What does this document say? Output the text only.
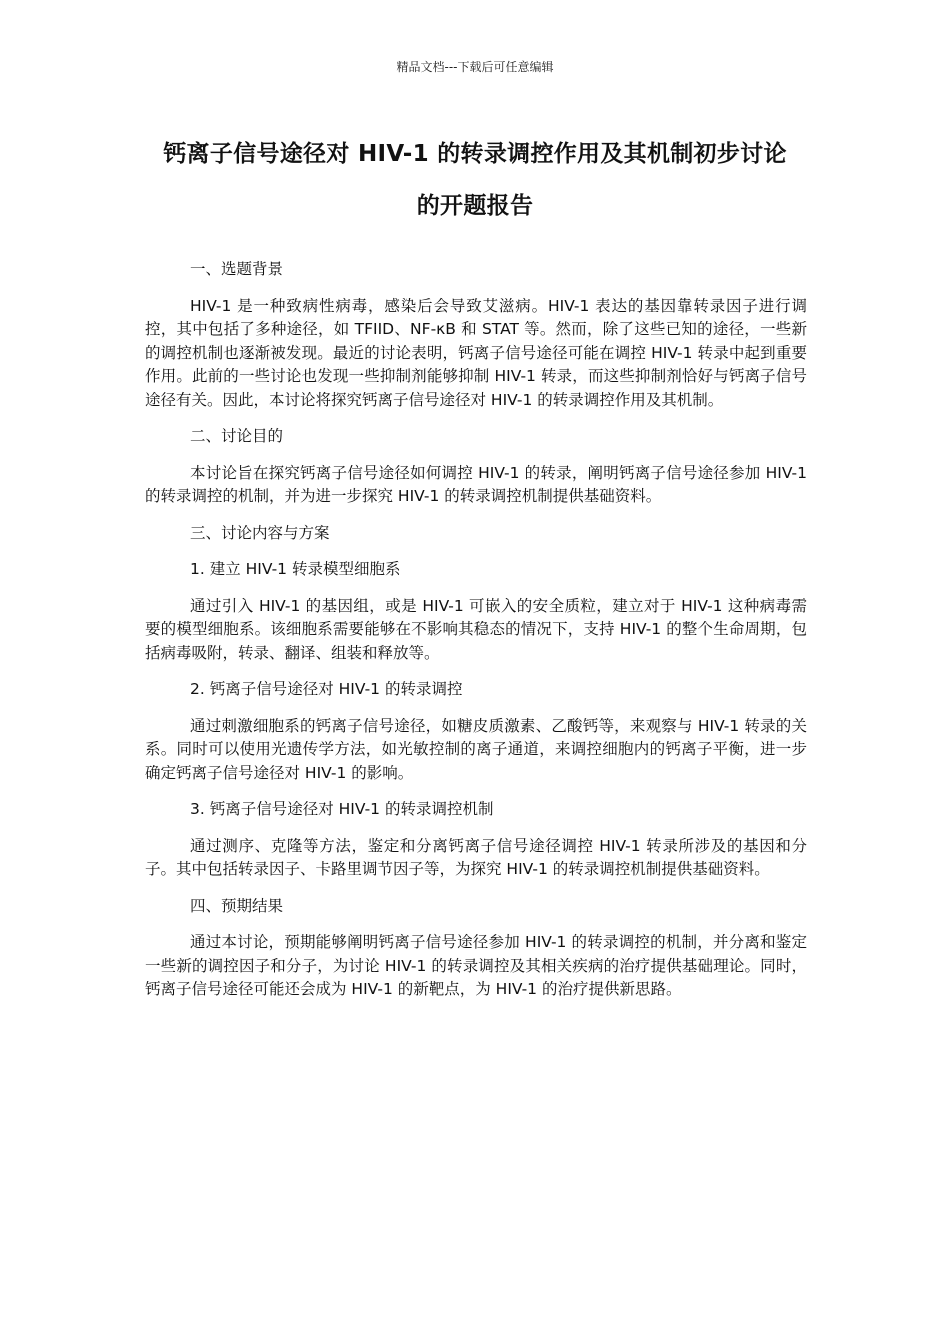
精品文档---下载后可任意编辑
钙离子信号途径对 HIV-1 的转录调控作用及其机制初步讨论
的开题报告

一、选题背景

HIV-1 是一种致病性病毒，感染后会导致艾滋病。HIV-1 表达的基因靠转录因子进行调控，其中包括了多种途径，如 TFIID、NF-κB 和 STAT 等。然而，除了这些已知的途径，一些新的调控机制也逐渐被发现。最近的讨论表明，钙离子信号途径可能在调控 HIV-1 转录中起到重要作用。此前的一些讨论也发现一些抑制剂能够抑制 HIV-1 转录，而这些抑制剂恰好与钙离子信号途径有关。因此，本讨论将探究钙离子信号途径对 HIV-1 的转录调控作用及其机制。

二、讨论目的

本讨论旨在探究钙离子信号途径如何调控 HIV-1 的转录，阐明钙离子信号途径参加 HIV-1 的转录调控的机制，并为进一步探究 HIV-1 的转录调控机制提供基础资料。

三、讨论内容与方案

1. 建立 HIV-1 转录模型细胞系

通过引入 HIV-1 的基因组，或是 HIV-1 可嵌入的安全质粒，建立对于 HIV-1 这种病毒需要的模型细胞系。该细胞系需要能够在不影响其稳态的情况下，支持 HIV-1 的整个生命周期，包括病毒吸附，转录、翻译、组装和释放等。

2. 钙离子信号途径对 HIV-1 的转录调控

通过刺激细胞系的钙离子信号途径，如糖皮质激素、乙酸钙等，来观察与 HIV-1 转录的关系。同时可以使用光遗传学方法，如光敏控制的离子通道，来调控细胞内的钙离子平衡，进一步确定钙离子信号途径对 HIV-1 的影响。

3. 钙离子信号途径对 HIV-1 的转录调控机制

通过测序、克隆等方法，鉴定和分离钙离子信号途径调控 HIV-1 转录所涉及的基因和分子。其中包括转录因子、卡路里调节因子等，为探究 HIV-1 的转录调控机制提供基础资料。

四、预期结果

通过本讨论，预期能够阐明钙离子信号途径参加 HIV-1 的转录调控的机制，并分离和鉴定一些新的调控因子和分子，为讨论 HIV-1 的转录调控及其相关疾病的治疗提供基础理论。同时，钙离子信号途径可能还会成为 HIV-1 的新靶点，为 HIV-1 的治疗提供新思路。
